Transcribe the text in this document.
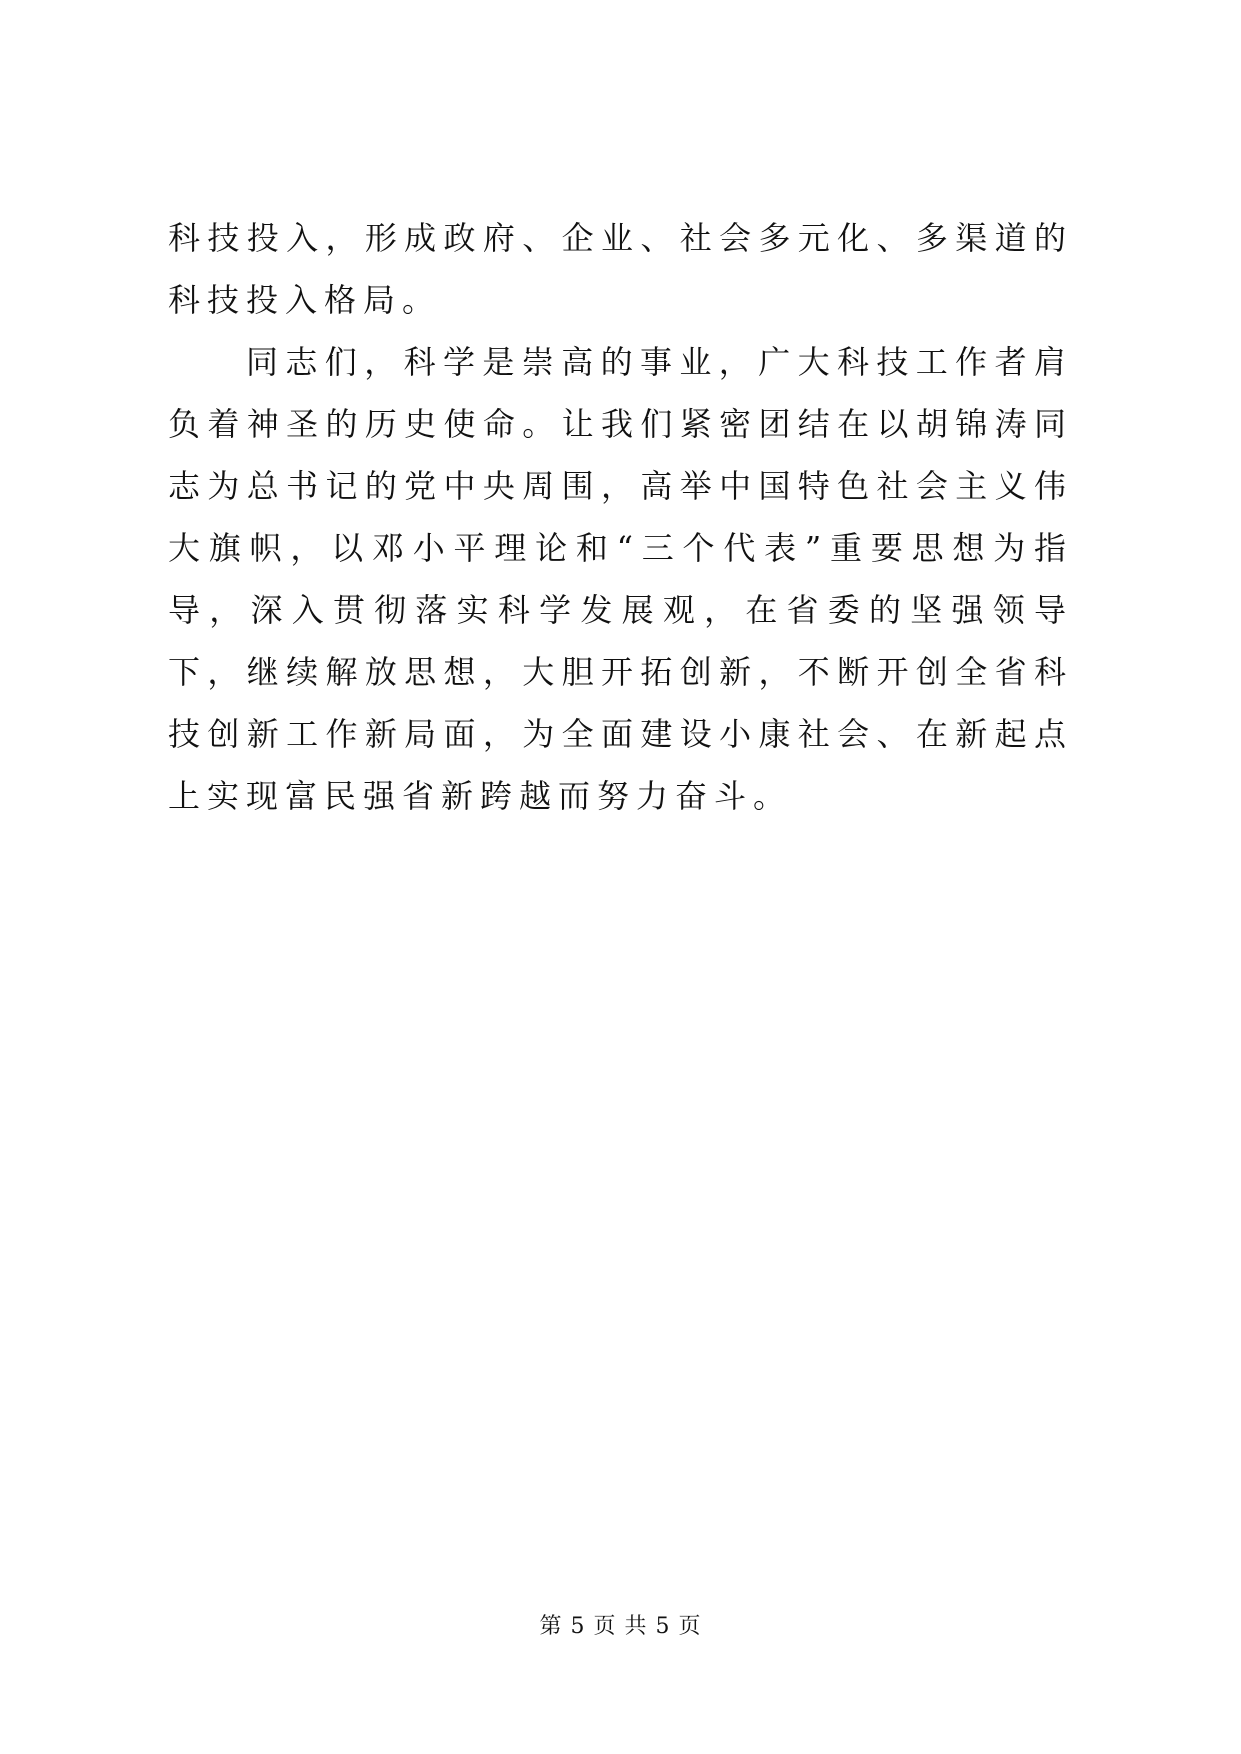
科技投入，形成政府、企业、社会多元化、多渠道的科技投入格局。

同志们，科学是崇高的事业，广大科技工作者肩负着神圣的历史使命。让我们紧密团结在以胡锦涛同志为总书记的党中央周围，高举中国特色社会主义伟大旗帜，以邓小平理论和“三个代表”重要思想为指导，深入贯彻落实科学发展观，在省委的坚强领导下，继续解放思想，大胆开拓创新，不断开创全省科技创新工作新局面，为全面建设小康社会、在新起点上实现富民强省新跨越而努力奋斗。

第 5 页 共 5 页
